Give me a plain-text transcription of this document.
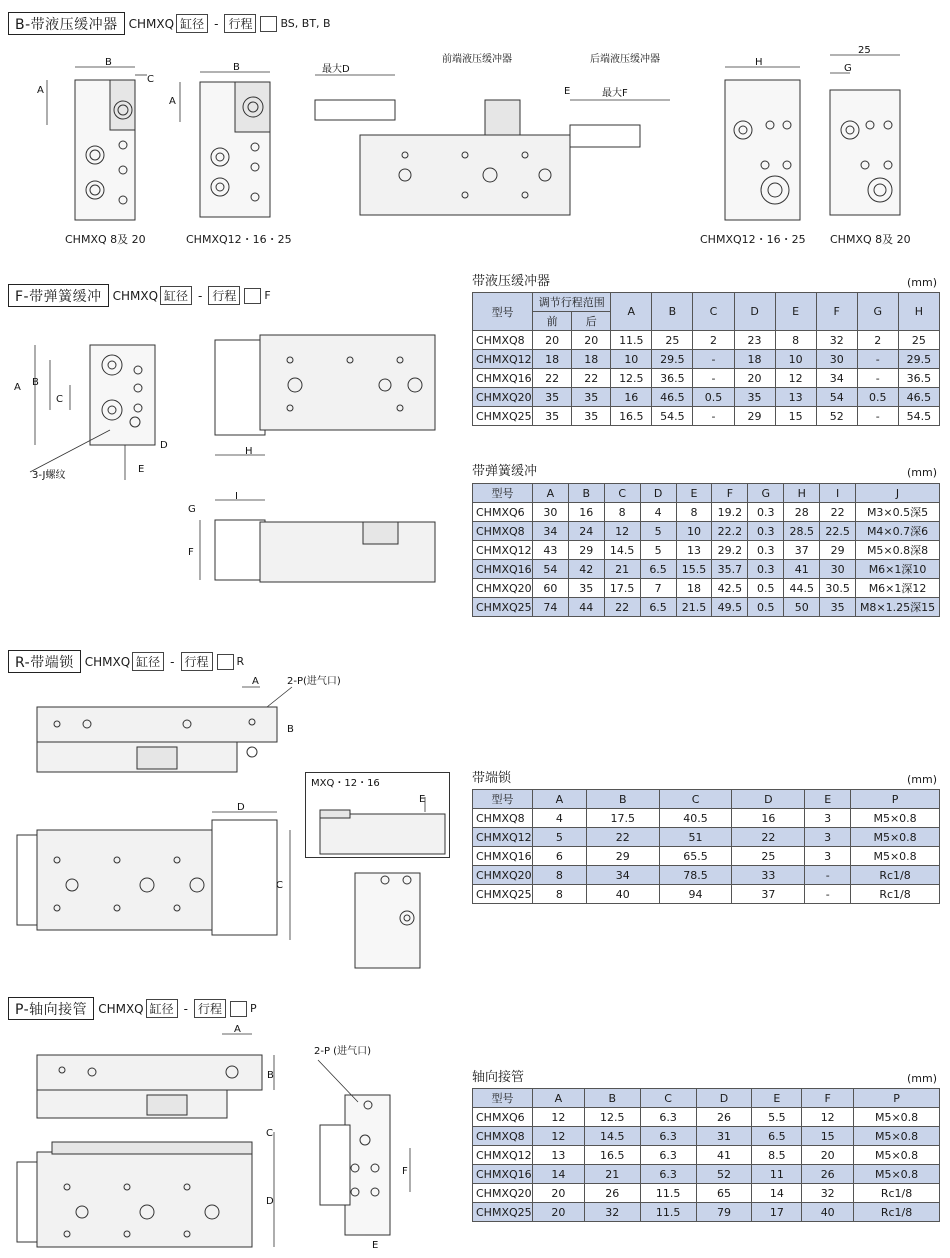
B-带液压缓冲器 CHMXQ 缸径 - 行程	BS, BT, B
F-带弹簧缓冲 CHMXQ 缸径 - 行程	F
R-带端锁 CHMXQ 缸径 - 行程	R
P-轴向接管 CHMXQ 缸径 - 行程	P
B
C
A
CHMXQ 8及 20
B
A
CHMXQ12・16・25
最大D
前端液压缓冲器	后端液压缓冲器
E	最大F
H
CHMXQ12・16・25
25
G
CHMXQ 8及 20
A B
C
D
E
3-J螺纹
H
I
G
F
A	2-P(进气口)
B
MXQ・12・16
E
D
C
A
B
C
D
2-P (进气口)
F
E
带液压缓冲器	(mm)
型号	调节行程范围		A	B	C	D	E	F	G	H
	前	后								
CHMXQ8	20	20	11.5	25	2	23	8	32	2	25
CHMXQ12	18	18	10	29.5	-	18	10	30	-	29.5
CHMXQ16	22	22	12.5	36.5	-	20	12	34	-	36.5
CHMXQ20	35	35	16	46.5	0.5	35	13	54	0.5	46.5
CHMXQ25	35	35	16.5	54.5	-	29	15	52	-	54.5
带弹簧缓冲	(mm)
型号	A	B	C	D	E	F	G	H	I	J
CHMXQ6	30	16	8	4	8	19.2	0.3	28	22	M3×0.5深5
CHMXQ8	34	24	12	5	10	22.2	0.3	28.5	22.5	M4×0.7深6
CHMXQ12	43	29	14.5	5	13	29.2	0.3	37	29	M5×0.8深8
CHMXQ16	54	42	21	6.5	15.5	35.7	0.3	41	30	M6×1深10
CHMXQ20	60	35	17.5	7	18	42.5	0.5	44.5	30.5	M6×1深12
CHMXQ25	74	44	22	6.5	21.5	49.5	0.5	50	35	M8×1.25深15
带端锁	(mm)
型号	A	B	C	D	E	P
CHMXQ8	4	17.5	40.5	16	3	M5×0.8
CHMXQ12	5	22	51	22	3	M5×0.8
CHMXQ16	6	29	65.5	25	3	M5×0.8
CHMXQ20	8	34	78.5	33	-	Rc1/8
CHMXQ25	8	40	94	37	-	Rc1/8
轴向接管	(mm)
型号	A	B	C	D	E	F	P
CHMXQ6	12	12.5	6.3	26	5.5	12	M5×0.8
CHMXQ8	12	14.5	6.3	31	6.5	15	M5×0.8
CHMXQ12	13	16.5	6.3	41	8.5	20	M5×0.8
CHMXQ16	14	21	6.3	52	11	26	M5×0.8
CHMXQ20	20	26	11.5	65	14	32	Rc1/8
CHMXQ25	20	32	11.5	79	17	40	Rc1/8
